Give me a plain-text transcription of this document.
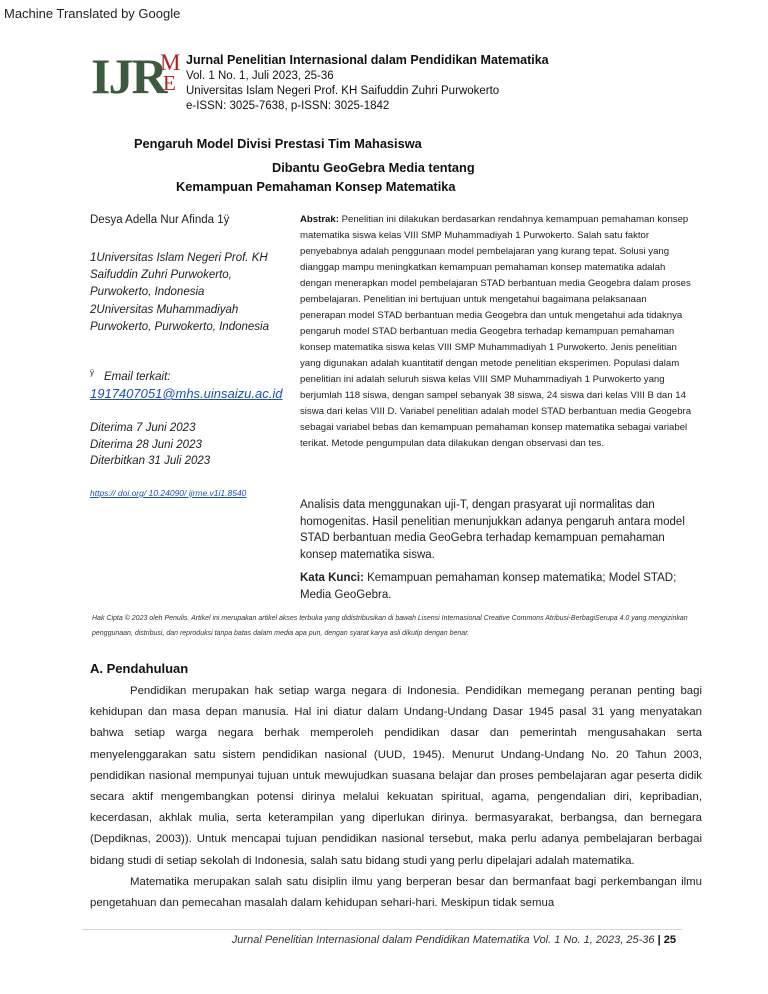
Machine Translated by Google
IJR
M
E
Jurnal Penelitian Internasional dalam Pendidikan Matematika
Vol. 1 No. 1, Juli 2023, 25-36
Universitas Islam Negeri Prof. KH Saifuddin Zuhri Purwokerto
e-ISSN: 3025-7638, p-ISSN: 3025-1842
Pengaruh Model Divisi Prestasi Tim Mahasiswa
Dibantu GeoGebra Media tentang
Kemampuan Pemahaman Konsep Matematika
Desya Adella Nur Afinda 1ÿ
1Universitas Islam Negeri Prof. KH Saifuddin Zuhri Purwokerto, Purwokerto, Indonesia
2Universitas Muhammadiyah Purwokerto, Purwokerto, Indonesia
$^ÿ$ Email terkait:
1917407051@mhs.uinsaizu.ac.id
Diterima 7 Juni 2023
Diterima 28 Juni 2023
Diterbitkan 31 Juli 2023
https:// doi.org/ 10.24090/ ijrme.v1i1.8540
Abstrak: Penelitian ini dilakukan berdasarkan rendahnya kemampuan pemahaman konsep matematika siswa kelas VIII SMP Muhammadiyah 1 Purwokerto. Salah satu faktor penyebabnya adalah penggunaan model pembelajaran yang kurang tepat. Solusi yang dianggap mampu meningkatkan kemampuan pemahaman konsep matematika adalah dengan menerapkan model pembelajaran STAD berbantuan media Geogebra dalam proses pembelajaran. Penelitian ini bertujuan untuk mengetahui bagaimana pelaksanaan penerapan model STAD berbantuan media Geogebra dan untuk mengetahui ada tidaknya pengaruh model STAD berbantuan media Geogebra terhadap kemampuan pemahaman konsep matematika siswa kelas VIII SMP Muhammadiyah 1 Purwokerto. Jenis penelitian yang digunakan adalah kuantitatif dengan metode penelitian eksperimen. Populasi dalam penelitian ini adalah seluruh siswa kelas VIII SMP Muhammadiyah 1 Purwokerto yang berjumlah 118 siswa, dengan sampel sebanyak 38 siswa, 24 siswa dari kelas VIII B dan 14 siswa dari kelas VIII D. Variabel penelitian adalah model STAD berbantuan media Geogebra sebagai variabel bebas dan kemampuan pemahaman konsep matematika sebagai variabel terikat. Metode pengumpulan data dilakukan dengan observasi dan tes.
Analisis data menggunakan uji-T, dengan prasyarat uji normalitas dan homogenitas. Hasil penelitian menunjukkan adanya pengaruh antara model STAD berbantuan media GeoGebra terhadap kemampuan pemahaman konsep matematika siswa.
Kata Kunci: Kemampuan pemahaman konsep matematika; Model STAD; Media GeoGebra.
Hak Cipta © 2023 oleh Penulis. Artikel ini merupakan artikel akses terbuka yang didistribusikan di bawah Lisensi Internasional Creative Commons Atribusi-BerbagiSerupa 4.0 yang mengizinkan penggunaan, distribusi, dan reproduksi tanpa batas dalam media apa pun, dengan syarat karya asli dikutip dengan benar.
A. Pendahuluan

Pendidikan merupakan hak setiap warga negara di Indonesia. Pendidikan memegang peranan penting bagi kehidupan dan masa depan manusia. Hal ini diatur dalam Undang-Undang Dasar 1945 pasal 31 yang menyatakan bahwa setiap warga negara berhak memperoleh pendidikan dasar dan pemerintah mengusahakan serta menyelenggarakan satu sistem pendidikan nasional (UUD, 1945). Menurut Undang-Undang No. 20 Tahun 2003, pendidikan nasional mempunyai tujuan untuk mewujudkan suasana belajar dan proses pembelajaran agar peserta didik secara aktif mengembangkan potensi dirinya melalui kekuatan spiritual, agama, pengendalian diri, kepribadian, kecerdasan, akhlak mulia, serta keterampilan yang diperlukan dirinya. bermasyarakat, berbangsa, dan bernegara (Depdiknas, 2003)). Untuk mencapai tujuan pendidikan nasional tersebut, maka perlu adanya pembelajaran berbagai bidang studi di setiap sekolah di Indonesia, salah satu bidang studi yang perlu dipelajari adalah matematika.

Matematika merupakan salah satu disiplin ilmu yang berperan besar dan bermanfaat bagi perkembangan ilmu pengetahuan dan pemecahan masalah dalam kehidupan sehari-hari. Meskipun tidak semua

Jurnal Penelitian Internasional dalam Pendidikan Matematika Vol. 1 No. 1, 2023, 25-36 | 25
